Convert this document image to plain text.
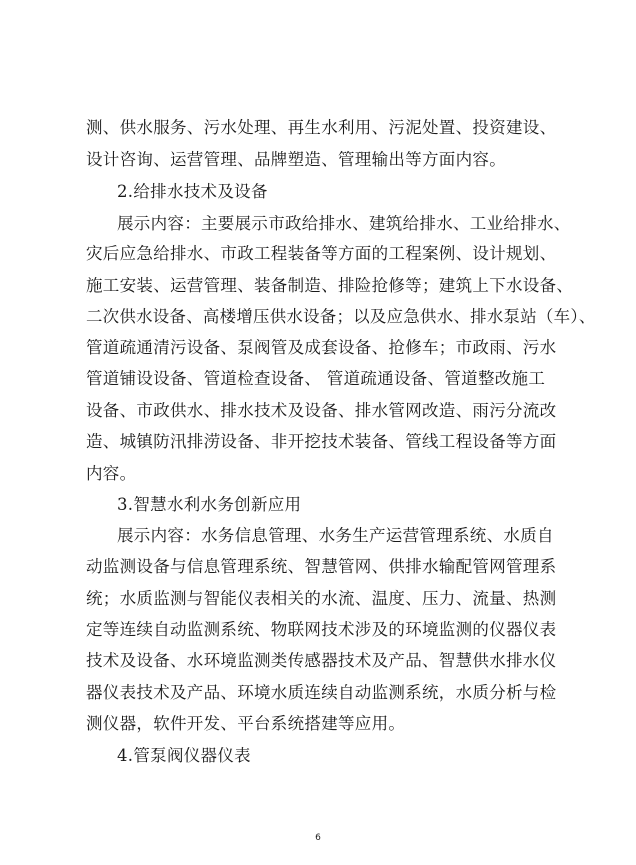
测、供水服务、污水处理、再生水利用、污泥处置、投资建设、
设计咨询、运营管理、品牌塑造、管理输出等方面内容。
2.给排水技术及设备
展示内容：主要展示市政给排水、建筑给排水、工业给排水、
灾后应急给排水、市政工程装备等方面的工程案例、设计规划、
施工安装、运营管理、装备制造、排险抢修等；建筑上下水设备、
二次供水设备、高楼增压供水设备；以及应急供水、排水泵站（车）、
管道疏通清污设备、泵阀管及成套设备、抢修车；市政雨、污水
管道铺设设备、管道检查设备、 管道疏通设备、管道整改施工
设备、市政供水、排水技术及设备、排水管网改造、雨污分流改
造、城镇防汛排涝设备、非开挖技术装备、管线工程设备等方面
内容。
3.智慧水利水务创新应用
展示内容：水务信息管理、水务生产运营管理系统、水质自
动监测设备与信息管理系统、智慧管网、供排水输配管网管理系
统；水质监测与智能仪表相关的水流、温度、压力、流量、热测
定等连续自动监测系统、物联网技术涉及的环境监测的仪器仪表
技术及设备、水环境监测类传感器技术及产品、智慧供水排水仪
器仪表技术及产品、环境水质连续自动监测系统，水质分析与检
测仪器，软件开发、平台系统搭建等应用。
4.管泵阀仪器仪表
6
